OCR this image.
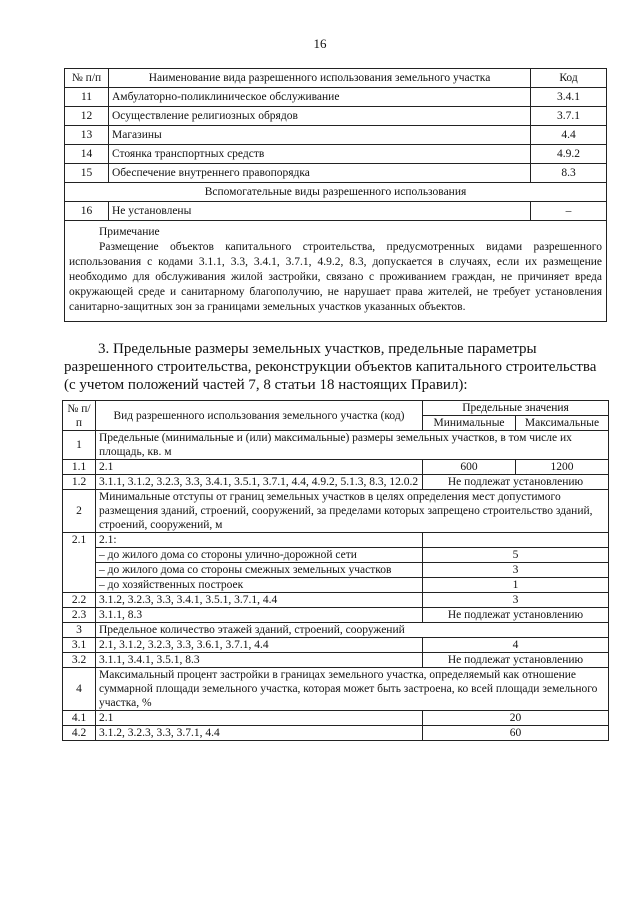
16
№ п/п	Наименование вида разрешенного использования земельного участка	Код
11	Амбулаторно-поликлиническое обслуживание	3.4.1
12	Осуществление религиозных обрядов	3.7.1
13	Магазины	4.4
14	Стоянка транспортных средств	4.9.2
15	Обеспечение внутреннего правопорядка	8.3
Вспомогательные виды разрешенного использования		
16	Не установлены	–

Примечание
Размещение объектов капитального строительства, предусмотренных видами разрешенного использования с кодами 3.1.1, 3.3, 3.4.1, 3.7.1, 4.9.2, 8.3, допускается в случаях, если их размещение необходимо для обслуживания жилой застройки, связано с проживанием граждан, не причиняет вреда окружающей среде и санитарному благополучию, не нарушает права жителей, не требует установления санитарно-защитных зон за границами земельных участков указанных объектов.		
3. Предельные размеры земельных участков, предельные параметры
разрешенного строительства, реконструкции объектов капитального строительства
(с учетом положений частей 7, 8 статьи 18 настоящих Правил):
№ п/п	Вид разрешенного использования земельного участка (код)	Предельные значения	
		Минимальные	Максимальные
1	Предельные (минимальные и (или) максимальные) размеры земельных участков, в том числе их площадь, кв. м		
1.1	2.1	600	1200
1.2	3.1.1, 3.1.2, 3.2.3, 3.3, 3.4.1, 3.5.1, 3.7.1, 4.4, 4.9.2, 5.1.3, 8.3, 12.0.2	Не подлежат установлению	
2	Минимальные отступы от границ земельных участков в целях определения мест допустимого размещения зданий, строений, сооружений, за пределами которых запрещено строительство зданий, строений, сооружений, м		
2.1	2.1:		
	– до жилого дома со стороны улично-дорожной сети	5	
	– до жилого дома со стороны смежных земельных участков	3	
	– до хозяйственных построек	1	
2.2	3.1.2, 3.2.3, 3.3, 3.4.1, 3.5.1, 3.7.1, 4.4	3	
2.3	3.1.1, 8.3	Не подлежат установлению	
3	Предельное количество этажей зданий, строений, сооружений		
3.1	2.1, 3.1.2, 3.2.3, 3.3, 3.6.1, 3.7.1, 4.4	4	
3.2	3.1.1, 3.4.1, 3.5.1, 8.3	Не подлежат установлению	
4	Максимальный процент застройки в границах земельного участка, определяемый как отношение суммарной площади земельного участка, которая может быть застроена, ко всей площади земельного участка, %		
4.1	2.1	20	
4.2	3.1.2, 3.2.3, 3.3, 3.7.1, 4.4	60	
